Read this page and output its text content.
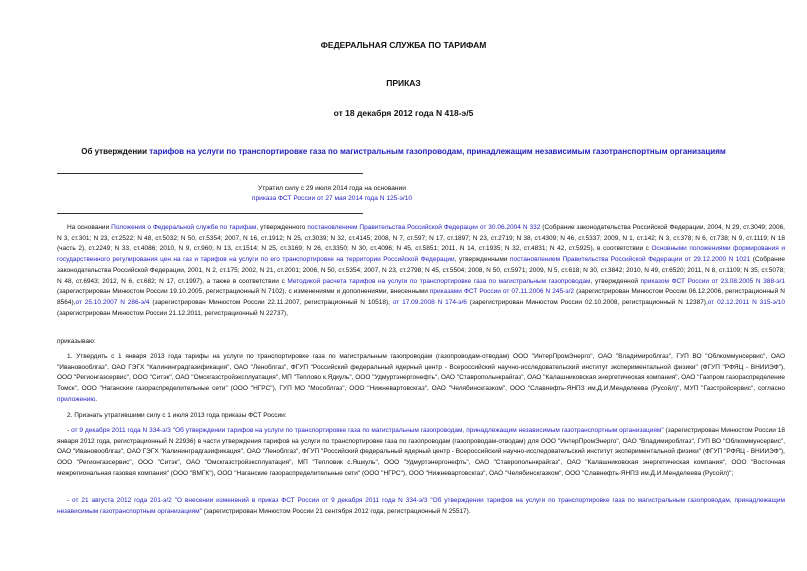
ФЕДЕРАЛЬНАЯ СЛУЖБА ПО ТАРИФАМ
ПРИКАЗ
от 18 декабря 2012 года N 418-э/5
Об утверждении тарифов на услуги по транспортировке газа по магистральным газопроводам, принадлежащим независимым газотранспортным организациям
Утратил силу с 29 июля 2014 года на основании
приказа ФСТ России от 27 мая 2014 года N 125-э/10
На основании Положения о Федеральной службе по тарифам, утвержденного постановлением Правительства Российской Федерации от 30.06.2004 N 332 (Собрание законодательства Российской Федерации, 2004, N 29, ст.3049; 2006, N 3, ст.301; N 23, ст.2522; N 48, ст.5032; N 50, ст.5354; 2007, N 16, ст.1912; N 25, ст.3039; N 32, ст.4145; 2008, N 7, ст.597; N 17, ст.1897; N 23, ст.2719; N 38, ст.4309; N 46, ст.5337; 2009, N 1, ст.142; N 3, ст.378; N 6, ст.738; N 9, ст.1119; N 18 (часть 2), ст.2249; N 33, ст.4086; 2010, N 9, ст.960; N 13, ст.1514; N 25, ст.3169; N 26, ст.3350; N 30, ст.4096; N 45, ст.5851; 2011, N 14, ст.1935; N 32, ст.4831; N 42, ст.5925), в соответствии с Основными положениями формирования и государственного регулирования цен на газ и тарифов на услуги по его транспортировке на территории Российской Федерации, утвержденными постановлением Правительства Российской Федерации от 29.12.2000 N 1021 (Собрание законодательства Российской Федерации, 2001, N 2, ст.175; 2002, N 21, ст.2001; 2006, N 50, ст.5354; 2007, N 23, ст.2798; N 45, ст.5504; 2008, N 50, ст.5971; 2009, N 5, ст.618; N 30, ст.3842; 2010, N 49, ст.6520; 2011, N 8, ст.1109; N 35, ст.5078; N 48, ст.6943; 2012, N 6, ст.682; N 17, ст.1997), а также в соответствии с Методикой расчета тарифов на услуги по транспортировке газа по магистральным газопроводам, утвержденной приказом ФСТ России от 23.08.2005 N 388-э/1 (зарегистрирован Минюстом России 19.10.2005, регистрационный N 7102), с изменениями и дополнениями, внесенными приказами ФСТ России от 07.11.2006 N 245-э/2 (зарегистрирован Минюстом России 06.12.2006, регистрационный N 8564),от 25.10.2007 N 286-э/4 (зарегистрирован Минюстом России 22.11.2007, регистрационный N 10518), от 17.09.2008 N 174-э/6 (зарегистрирован Минюстом России 02.10.2008, регистрационный N 12387),от 02.12.2011 N 315-э/10 (зарегистрирован Минюстом России 21.12.2011, регистрационный N 22737),
приказываю:
1. Утвердить с 1 января 2013 года тарифы на услуги по транспортировке газа по магистральным газопроводам (газопроводам-отводам) ООО "ИнтерПромЭнерго", ОАО "Владимироблгаз", ГУП ВО "Облкоммунсервис", ОАО "Ивановооблгаз", ОАО ГЭГХ "Калининградгазификация", ОАО "Леноблгаз", ФГУП "Российский федеральный ядерный центр - Всероссийский научно-исследовательский институт экспериментальной физики" (ФГУП "РФЯЦ - ВНИИЭФ"), ООО "Регионгазсервис", ООО "Ситэк", ОАО "Омскгазстройэксплуатация", МП "Теплово к.Ядкуль", ООО "Удмуртэнергонефть", ОАО "Ставропольнкрайгаз", ОАО "Калашниковская энергетическая компания", ОАО "Газпром газораспределение Томск", ООО "Нaганские газораспределительные сети" (ООО "НГРС"), ГУП МО "Мособлгаз", ООО "Нижневартовскгаз", ОАО "Челябинскгазком", ООО "Славнефть-ЯНПЗ им.Д.И.Менделеева (Русойл)", МУП "Газстройсервис", согласно приложению.
2. Признать утратившими силу с 1 июля 2013 года приказы ФСТ России:
- от 9 декабря 2011 года N 334-э/3 "Об утверждении тарифов на услуги по транспортировке газа по магистральным газопроводам, принадлежащим независимым газотранспортным организациям" (зарегистрирован Минюстом России 18 января 2012 года, регистрационный N 22936) в части утверждения тарифов на услуги по транспортировке газа по газопроводам (газопроводам-отводам) для ООО "ИнтерПромЭнерго", ОАО "Владимироблгаз", ГУП ВО "Облкоммунсервис", ОАО "Ивановооблгаз", ОАО ГЭГХ "Калининградгазификация", ОАО "Леноблгаз", ФГУП "Российский федеральный ядерный центр - Всероссийский научно-исследовательский институт экспериментальной физики" (ФГУП "РФЯЦ - ВНИИЭФ"), ООО "Регионгазсервис", ООО "Ситэк", ОАО "Омскгазстройэксплуатация", МП "Тепловик с.Яшкуль", ООО "Удмуртэнергонефть", ОАО "Ставропольнкрайгаз", ОАО "Калашниковская энергетическая компания", ООО "Восточная межрегиональная газовая компания" (ООО "ВМГК"), ООО "Нaганские газораспределительные сети" (ООО "НГРС"), ООО "Нижневартовскгаз", ОАО "Челябинскгазком", ООО "Славнефть-ЯНПЗ им.Д.И.Менделеева (Русойл)";
- от 21 августа 2012 года 201-э/2 "О внесении изменений в приказ ФСТ России от 9 декабря 2011 года N 334-э/3 "Об утверждении тарифов на услуги по транспортировке газа по магистральным газопроводам, принадлежащим независимым газотранспортным организациям" (зарегистрирован Минюстом России 21 сентября 2012 года, регистрационный N 25517).
